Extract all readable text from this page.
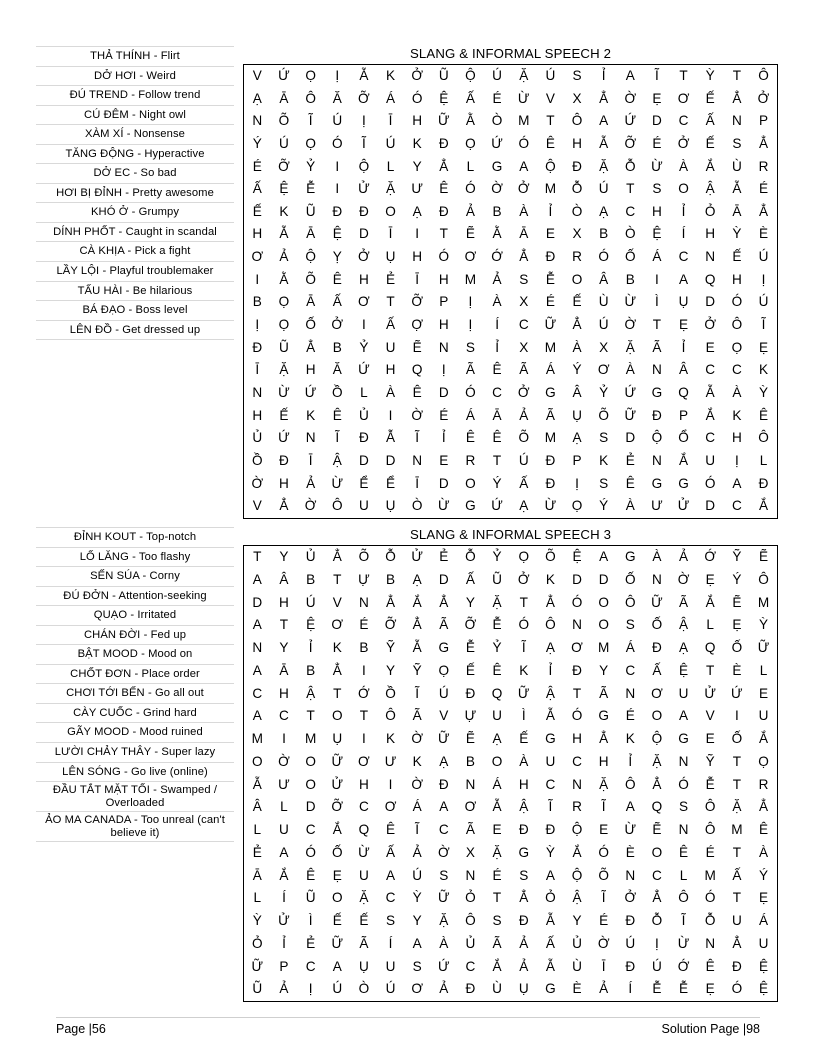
THẢ THÍNH - Flirt
DỞ HƠI - Weird
ĐÚ TREND - Follow trend
CÚ ĐÊM - Night owl
XÀM XÍ - Nonsense
TĂNG ĐỘNG - Hyperactive
DỞ EC - So bad
HƠI BỊ ĐỈNH - Pretty awesome
KHÓ Ở - Grumpy
DÍNH PHỐT - Caught in scandal
CÀ KHỊA - Pick a fight
LẦY LỘI - Playful troublemaker
TẤU HÀI - Be hilarious
BÁ ĐẠO - Boss level
LÊN ĐỒ - Get dressed up
SLANG & INFORMAL SPEECH 2
V	Ứ	Ọ	Ị	Ẵ	K	Ở	Ũ	Ộ	Ú	Ặ	Ú	S	Ỉ	A	Ĩ	T	Ỳ	T	Ô
Ạ	Ā	Ô	Ă	Ỡ	Á	Ó	Ệ	Ấ	É	Ừ	V	X	Ẳ	Ờ	Ẹ	Ơ	Ế	Ẳ	Ở
N	Õ	Ĩ	Ú	Ị	Ī	H	Ữ	Ằ	Ò	M	T	Ô	A	Ứ	D	C	Ấ	N	P
Ý	Ú	Ọ	Ó	Ĩ	Ú	K	Đ	Ọ	Ứ	Ó	Ê	H	Ẵ	Ỡ	É	Ở	Ế	S	Ẳ
É	Ỡ	Ỷ	I	Ộ	L	Y	Ẳ	L	G	A	Ộ	Đ	Ặ	Ỗ	Ừ	À	Ắ	Ù	R
Ấ	Ệ	Ễ	I	Ử	Ặ	Ư	Ê	Ó	Ờ	Ở	M	Ỗ	Ú	T	S	O	Ậ	Ẵ	É
Ế	K	Ũ	Đ	Đ	O	Ạ	Đ	Ả	B	À	Ỉ	Ò	Ạ	C	H	Ỉ	Ỏ	Ā	Ẳ
H	Ẵ	Ā	Ệ	D	Ī	I	T	Ẽ	Ằ	Ā	E	X	B	Ò	Ệ	Í	H	Ỳ	È
Ơ	Ả	Ộ	Ỵ	Ở	Ụ	H	Ó	Ơ	Ớ	Ẳ	Đ	R	Ó	Ố	Á	C	N	Ế	Ú
I	Ằ	Õ	Ê	H	Ẻ	Ī	H	M	Ả	S	Ễ	O	Â	B	I	A	Q	H	Ị
B	Ọ	Ā	Ấ	Ơ	T	Ỡ	P	Ị	À	X	É	Ế	Ù	Ừ	Ì	Ụ	D	Ó	Ú
Ị	Ọ	Ố	Ở	I	Ấ	Ợ	H	Ị	Í	C	Ữ	Ẳ	Ú	Ờ	T	Ẹ	Ở	Ô	Ĩ
Đ	Ũ	Ẳ	B	Ỷ	U	Ẽ	N	S	Ỉ	X	M	À	X	Ặ	Ã	Ỉ	E	Ọ	Ẹ
Ī	Ặ	H	Ă	Ứ	H	Q	Ị	Ã	Ê	Ã	Á	Ý	Ơ	À	N	Â	C	C	K
N	Ừ	Ứ	Ồ	L	À	Ê	D	Ó	C	Ở	G	Â	Ỷ	Ứ	G	Q	Ẵ	À	Ỳ
H	Ế	K	Ê	Ủ	I	Ờ	É	Á	Ā	Ả	Ã	Ụ	Õ	Ữ	Đ	P	Ắ	K	Ê
Ủ	Ứ	N	Ĩ	Đ	Ẫ	Ĩ	Ỉ	Ê	Ê	Õ	M	Ạ	S	D	Ộ	Ổ	C	H	Ô
Ồ	Đ	Ī	Ậ	D	D	N	E	R	T	Ú	Đ	P	K	Ẻ	N	Ắ	U	Ị	L
Ờ	H	Ả	Ừ	Ể	Ể	Ī	D	O	Ý	Ấ	Đ	Ị	S	Ê	G	G	Ó	A	Đ
V	Ẳ	Ờ	Ô	U	Ụ	Ò	Ừ	G	Ứ	Ạ	Ừ	Ọ	Ý	À	Ư	Ử	D	C	Ắ
ĐỈNH KOUT - Top-notch
LỐ LĂNG - Too flashy
SẾN SÚA - Corny
ĐÚ ĐỞN - Attention-seeking
QUẠO - Irritated
CHÁN ĐỜI - Fed up
BẬT MOOD - Mood on
CHỐT ĐƠN - Place order
CHƠI TỚI BẾN - Go all out
CÀY CUỐC - Grind hard
GÃY MOOD - Mood ruined
LƯỜI CHẢY THÂY - Super lazy
LÊN SÓNG - Go live (online)
ĐẦU TẮT MẶT TỐI - Swamped / Overloaded
ẢO MA CANADA - Too unreal (can't believe it)
SLANG & INFORMAL SPEECH 3
T	Y	Ủ	Ẳ	Õ	Ỗ	Ử	Ẻ	Ỗ	Ỷ	Ọ	Õ	Ệ	A	G	À	Ả	Ớ	Ỹ	Ẽ
A	Â	B	T	Ự	B	Ạ	D	Ấ	Ũ	Ở	K	D	D	Ố	N	Ờ	Ẹ	Ý	Ô
D	H	Ú	V	N	Ẳ	Ắ	Ẳ	Y	Ặ	T	Ẳ	Ó	O	Ô	Ữ	Ã	Ắ	Ẽ	M
A	T	Ệ	Ơ	É	Ỡ	Ẳ	Ã	Ỡ	Ễ	Ó	Ô	N	O	S	Ố	Ậ	L	Ẹ	Ỳ
N	Y	Ỉ	K	B	Ỹ	Ẵ	G	Ễ	Ỷ	Ĩ	Ạ	Ơ	M	Á	Đ	Ạ	Q	Ố	Ữ
A	Ā	B	Ẳ	I	Y	Ỹ	Ọ	Ế	Ê	K	Ỉ	Đ	Y	C	Ấ	Ệ	T	È	L
C	H	Ậ	T	Ớ	Ồ	Ĩ	Ú	Đ	Q	Ữ	Ậ	T	Ã	N	Ơ	U	Ử	Ứ	E
A	C	T	O	T	Ô	Ã	V	Ự	U	Ì	Ẵ	Ó	G	É	O	A	V	I	U
M	I	M	Ụ	I	K	Ờ	Ữ	Ẽ	Ạ	Ế	G	H	Ẳ	K	Ộ	G	E	Ố	Ắ
O	Ờ	O	Ữ	Ơ	Ư	K	Ạ	B	O	À	U	C	H	Ỉ	Ặ	N	Ỹ	T	Ọ
Ẵ	Ư	O	Ử	H	I	Ờ	Đ	N	Á	H	C	N	Ặ	Ô	Ẳ	Ó	Ễ	T	R
Â	L	D	Ỡ	C	Ơ	Á	A	Ơ	Ẵ	Ậ	Ĩ	R	Ĩ	A	Q	S	Ô	Ặ	Ẳ
L	U	C	Ắ	Q	Ê	Ĩ	C	Ã	E	Đ	Đ	Ộ	E	Ừ	Ẽ	N	Ô	M	Ê
Ẻ	A	Ó	Ố	Ừ	Ấ	Ả	Ờ	X	Ặ	G	Ỳ	Ắ	Ó	È	O	Ê	É	T	À
Ā	Ắ	Ê	Ẹ	U	A	Ú	S	N	É	S	A	Ộ	Õ	N	C	L	M	Ấ	Ý
L	Í	Ũ	O	Ặ	C	Ỳ	Ữ	Ỏ	T	Ẳ	Ỏ	Ậ	Ĩ	Ở	Ẳ	Ô	Ó	T	Ẹ
Ỳ	Ử	Ì	Ế	Ế	S	Y	Ặ	Ô	S	Đ	Ẵ	Y	É	Đ	Ỗ	Ĩ	Ỗ	U	Á
Ỏ	Ỉ	Ẻ	Ữ	Ã	Í	A	À	Ủ	Ã	Ả	Ấ	Ủ	Ờ	Ú	Ị	Ừ	N	Ẳ	U
Ữ	P	C	A	Ụ	U	S	Ứ	C	Ắ	Ả	Ẵ	Ù	Ī	Đ	Ú	Ớ	Ê	Đ	Ệ
Ũ	Ả	Ị	Ú	Ò	Ú	Ơ	Ả	Đ	Ù	Ụ	G	È	Ả	Í	Ễ	Ễ	Ẹ	Ó	Ệ
Page |56	Solution Page |98
